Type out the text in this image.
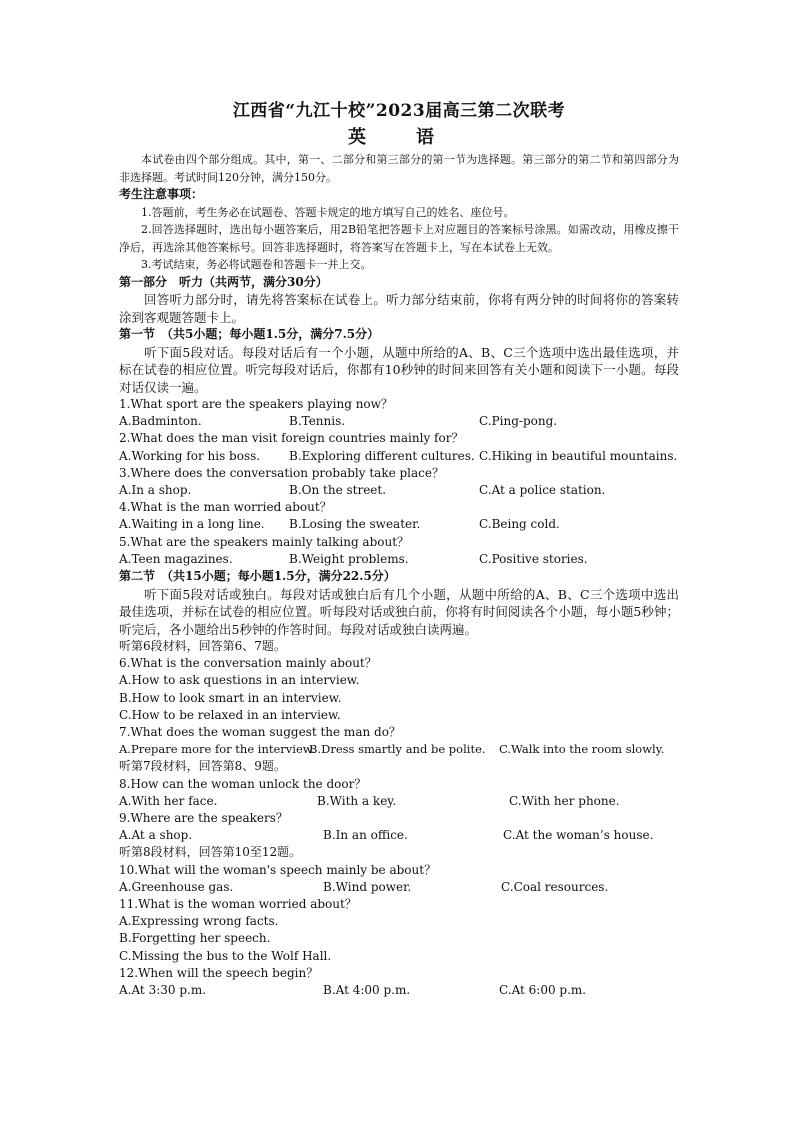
江西省“九江十校”2023届高三第二次联考
英　语

本试卷由四个部分组成。其中，第一、二部分和第三部分的第一节为选择题。第三部分的第二节和第四部分为非选择题。考试时间120分钟，满分150分。

考生注意事项：

1.答题前，考生务必在试题卷、答题卡规定的地方填写自己的姓名、座位号。

2.回答选择题时，选出每小题答案后，用2B铅笔把答题卡上对应题目的答案标号涂黑。如需改动，用橡皮擦干净后，再选涂其他答案标号。回答非选择题时，将答案写在答题卡上，写在本试卷上无效。

3.考试结束，务必将试题卷和答题卡一并上交。

第一部分　听力（共两节，满分30分）

回答听力部分时，请先将答案标在试卷上。听力部分结束前，你将有两分钟的时间将你的答案转涂到客观题答题卡上。

第一节　（共5小题；每小题1.5分，满分7.5分）

听下面5段对话。每段对话后有一个小题，从题中所给的A、B、C三个选项中选出最佳选项，并标在试卷的相应位置。听完每段对话后，你都有10秒钟的时间来回答有关小题和阅读下一小题。每段对话仅读一遍。

1.What sport are the speakers playing now？

A.Badminton.	B.Tennis.	C.Ping-pong.

2.What does the man visit foreign countries mainly for？

A.Working for his boss.	B.Exploring different cultures. C.Hiking in beautiful mountains.

3.Where does the conversation probably take place？

A.In a shop.	B.On the street.	C.At a police station.

4.What is the man worried about？

A.Waiting in a long line.	B.Losing the sweater.	C.Being cold.

5.What are the speakers mainly talking about？

A.Teen magazines.	B.Weight problems.	C.Positive stories.

第二节　（共15小题；每小题1.5分，满分22.5分）

听下面5段对话或独白。每段对话或独白后有几个小题，从题中所给的A、B、C三个选项中选出最佳选项，并标在试卷的相应位置。听每段对话或独白前，你将有时间阅读各个小题，每小题5秒钟；听完后，各小题给出5秒钟的作答时间。每段对话或独白读两遍。

听第6段材料，回答第6、7题。

6.What is the conversation mainly about？

A.How to ask questions in an interview.

B.How to look smart in an interview.

C.How to be relaxed in an interview.

7.What does the woman suggest the man do？

A.Prepare more for the interview.
B.Dress smartly and be polite.	C.Walk into the room slowly.

听第7段材料，回答第8、9题。

8.How can the woman unlock the door？

A.With her face.	B.With a key.	C.With her phone.

9.Where are the speakers？

A.At a shop.	B.In an office.	C.At the woman’s house.

听第8段材料，回答第10至12题。

10.What will the woman's speech mainly be about？

A.Greenhouse gas.	B.Wind power.	C.Coal resources.

11.What is the woman worried about？

A.Expressing wrong facts.

B.Forgetting her speech.

C.Missing the bus to the Wolf Hall.

12.When will the speech begin？

A.At 3:30 p.m.	B.At 4:00 p.m.	C.At 6:00 p.m.
